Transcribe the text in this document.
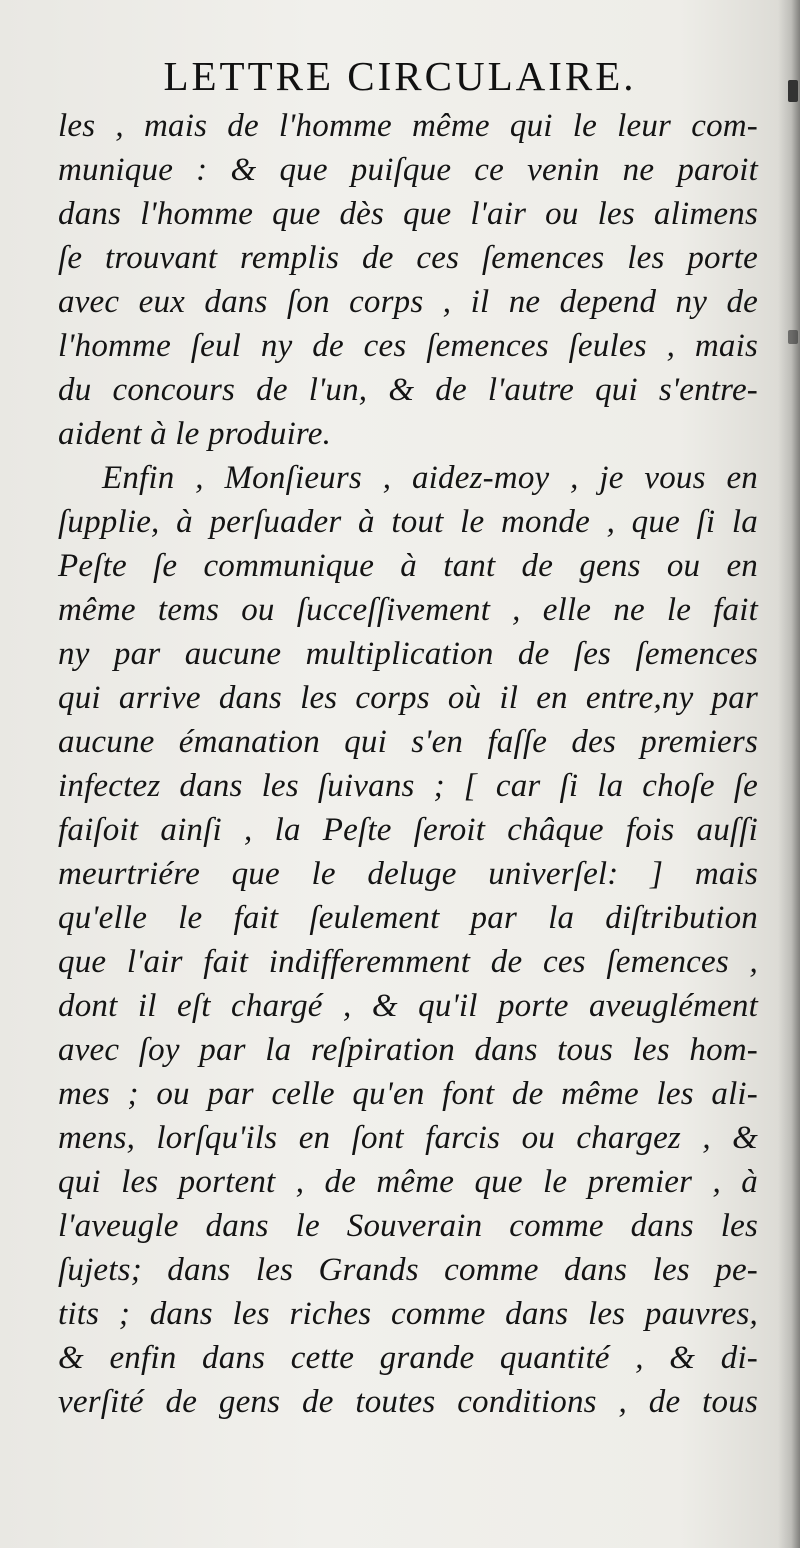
LETTRE CIRCULAIRE.
les , mais de l'homme même qui le leur com-
munique : & que puiſque ce venin ne paroit
dans l'homme que dès que l'air ou les alimens
ſe trouvant remplis de ces ſemences les porte
avec eux dans ſon corps , il ne depend ny de
l'homme ſeul ny de ces ſemences ſeules , mais
du concours de l'un, & de l'autre qui s'entre-
aident à le produire.
Enfin , Monſieurs , aidez-moy , je vous en
ſupplie, à perſuader à tout le monde , que ſi la
Peſte ſe communique à tant de gens ou en
même tems ou ſucceſſivement , elle ne le fait
ny par aucune multiplication de ſes ſemences
qui arrive dans les corps où il en entre,ny par
aucune émanation qui s'en faſſe des premiers
infectez dans les ſuivans ; [ car ſi la choſe ſe
faiſoit ainſi , la Peſte ſeroit châque fois auſſi
meurtriére que le deluge univerſel: ] mais
qu'elle le fait ſeulement par la diſtribution
que l'air fait indifferemment de ces ſemences ,
dont il eſt chargé , & qu'il porte aveuglément
avec ſoy par la reſpiration dans tous les hom-
mes ; ou par celle qu'en font de même les ali-
mens, lorſqu'ils en ſont farcis ou chargez , &
qui les portent , de même que le premier , à
l'aveugle dans le Souverain comme dans les
ſujets; dans les Grands comme dans les pe-
tits ; dans les riches comme dans les pauvres,
& enfin dans cette grande quantité , & di-
verſité de gens de toutes conditions , de tous
